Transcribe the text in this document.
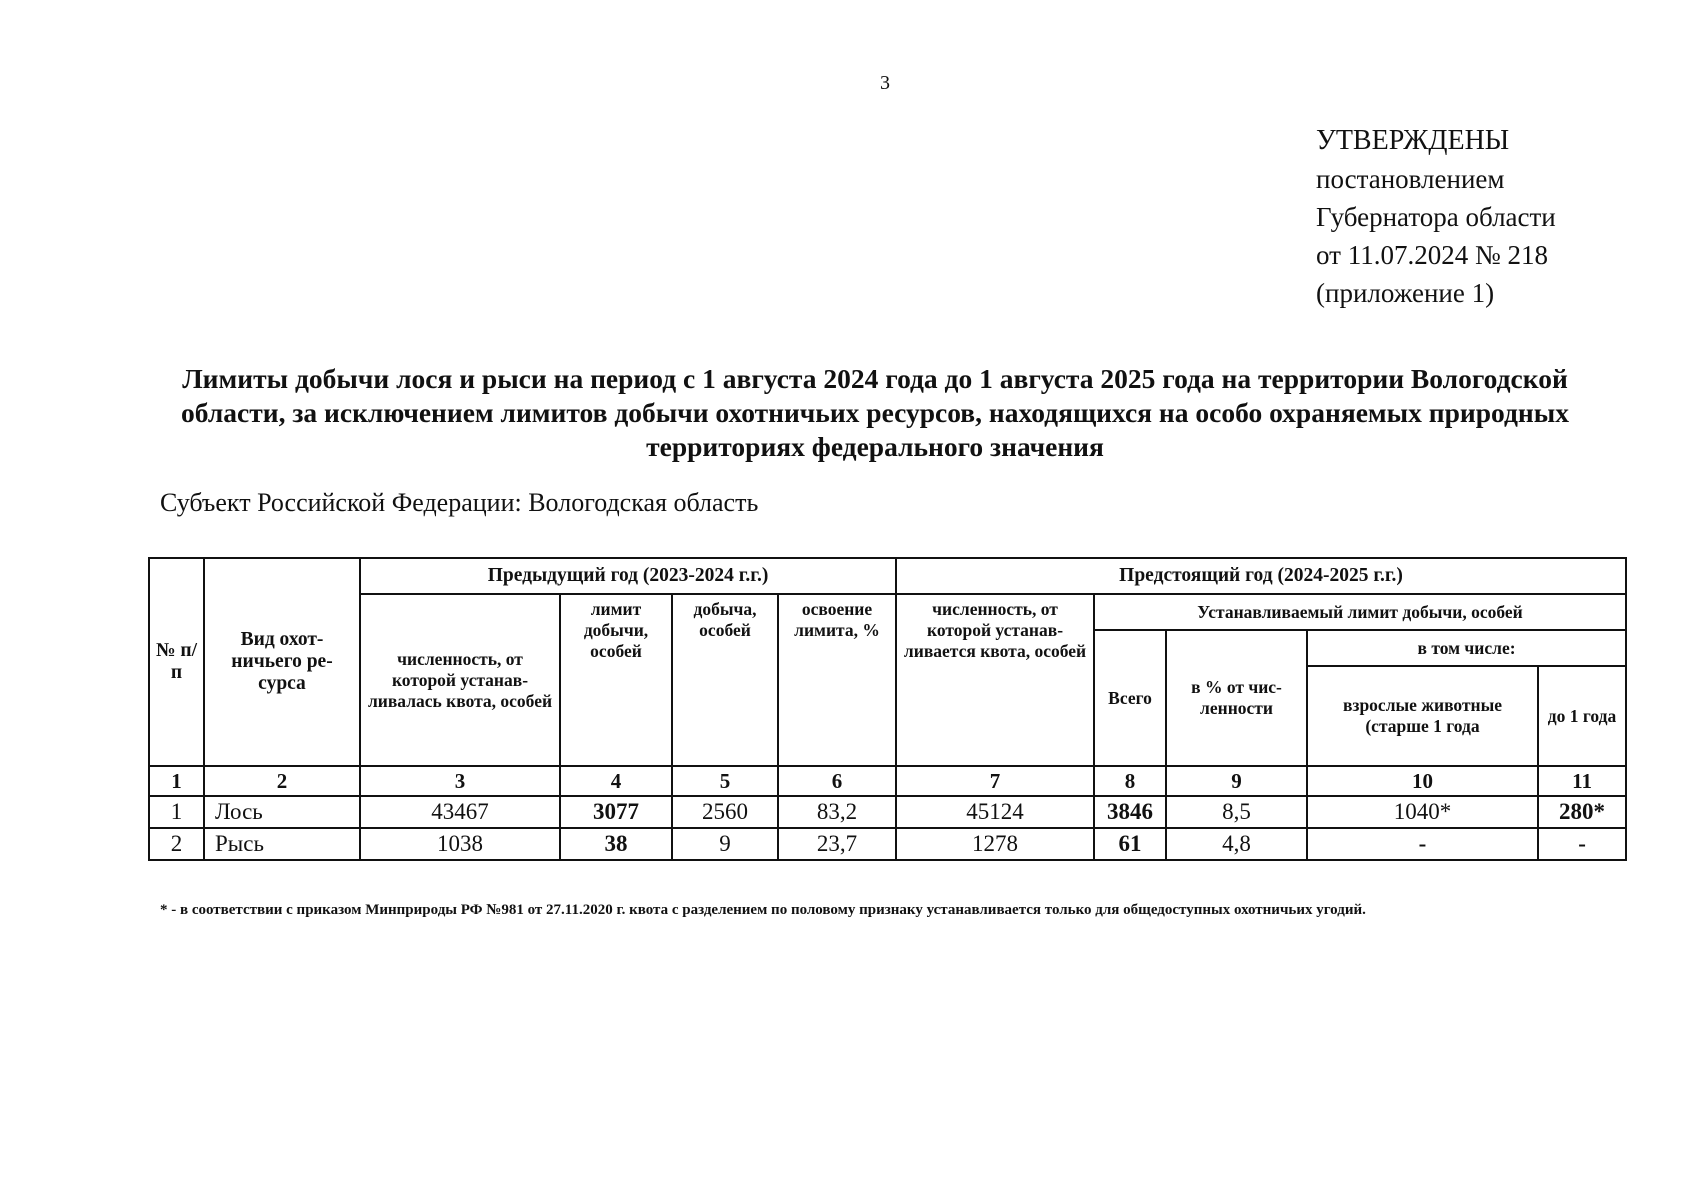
3
УТВЕРЖДЕНЫ
постановлением
Губернатора области
от 11.07.2024 № 218
(приложение 1)
Лимиты добычи лося и рыси на период с 1 августа 2024 года до 1 августа 2025 года на территории Вологодской области, за исключением лимитов добычи охотничьих ресурсов, находящихся на особо охраняемых природных территориях федерального значения
Субъект Российской Федерации: Вологодская область
№ п/п	Вид охот-ничьего ре-сурса	Предыдущий год (2023-2024 г.г.)				Предстоящий год (2024-2025 г.г.)				
		численность, от которой устанав-ливалась квота, особей	лимит добычи, особей	добыча, особей	освоение лимита, %	численность, от которой устанав-ливается квота, особей	Устанавливаемый лимит добычи, особей			
							Всего	в % от чис-ленности	в том числе:	
									взрослые животные (старше 1 года	до 1 года

1	2	3	4	5	6	7	8	9	10	11
1	Лось	43467	3077	2560	83,2	45124	3846	8,5	1040*	280*
2	Рысь	1038	38	9	23,7	1278	61	4,8	-	-
* - в соответствии с приказом Минприроды РФ №981 от 27.11.2020 г. квота с разделением по половому признаку устанавливается только для общедоступных охотничьих угодий.
